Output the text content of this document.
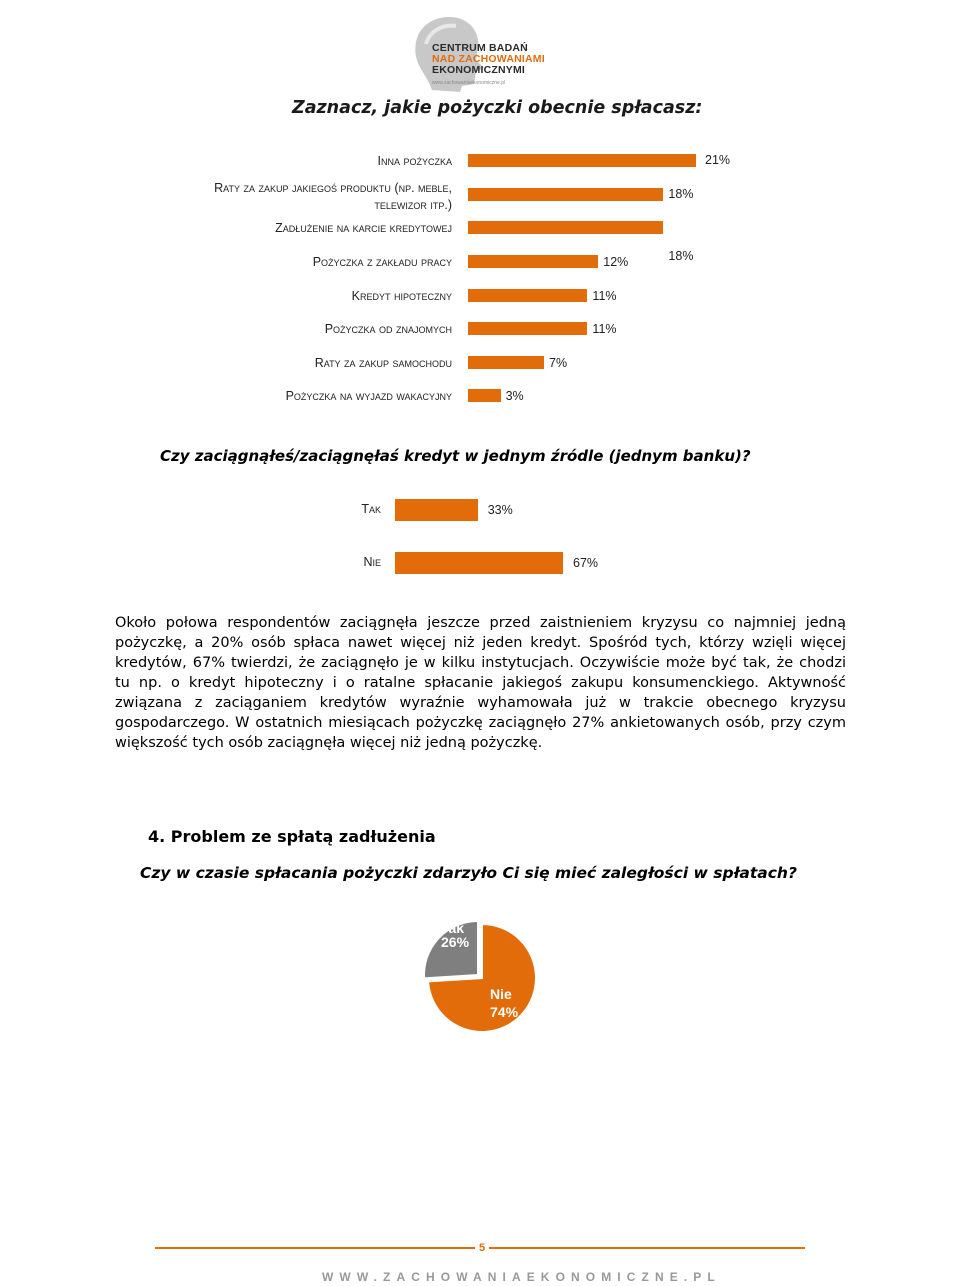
CENTRUM BADAŃ
NAD ZACHOWANIAMI
EKONOMICZNYMI
www.zachowaniaekonomiczne.pl
Zaznacz, jakie pożyczki obecnie spłacasz:
Czy zaciągnąłeś/zaciągnęłaś kredyt w jednym źródle (jednym banku)?
Około połowa respondentów zaciągnęła jeszcze przed zaistnieniem kryzysu co najmniej jedną pożyczkę, a 20% osób spłaca nawet więcej niż jeden kredyt. Spośród tych, którzy wzięli więcej kredytów, 67% twierdzi, że zaciągnęło je w kilku instytucjach. Oczywiście może być tak, że chodzi tu np. o kredyt hipoteczny i o ratalne spłacanie jakiegoś zakupu konsumenckiego. Aktywność związana z zaciąganiem kredytów wyraźnie wyhamowała już w trakcie obecnego kryzysu gospodarczego. W ostatnich miesiącach pożyczkę zaciągnęło 27% ankietowanych osób, przy czym większość tych osób zaciągnęła więcej niż jedną pożyczkę.
4. Problem ze spłatą zadłużenia
Czy w czasie spłacania pożyczki zdarzyło Ci się mieć zaległości w spłatach?
Tak
26%
Nie
74%
5
WWW.ZACHOWANIAEKONOMICZNE.PL
Inna pożyczka	21%
Raty za zakup jakiegoś produktu (np. meble, telewizor itp.)
18%
Zadłużenie na karcie kredytowej
18%
Pożyczka z zakładu pracy	12%
Kredyt hipoteczny	11%
Pożyczka od znajomych	11%
Raty za zakup samochodu	7%
Pożyczka na wyjazd wakacyjny	3%
Tak	33%
Nie	67%
